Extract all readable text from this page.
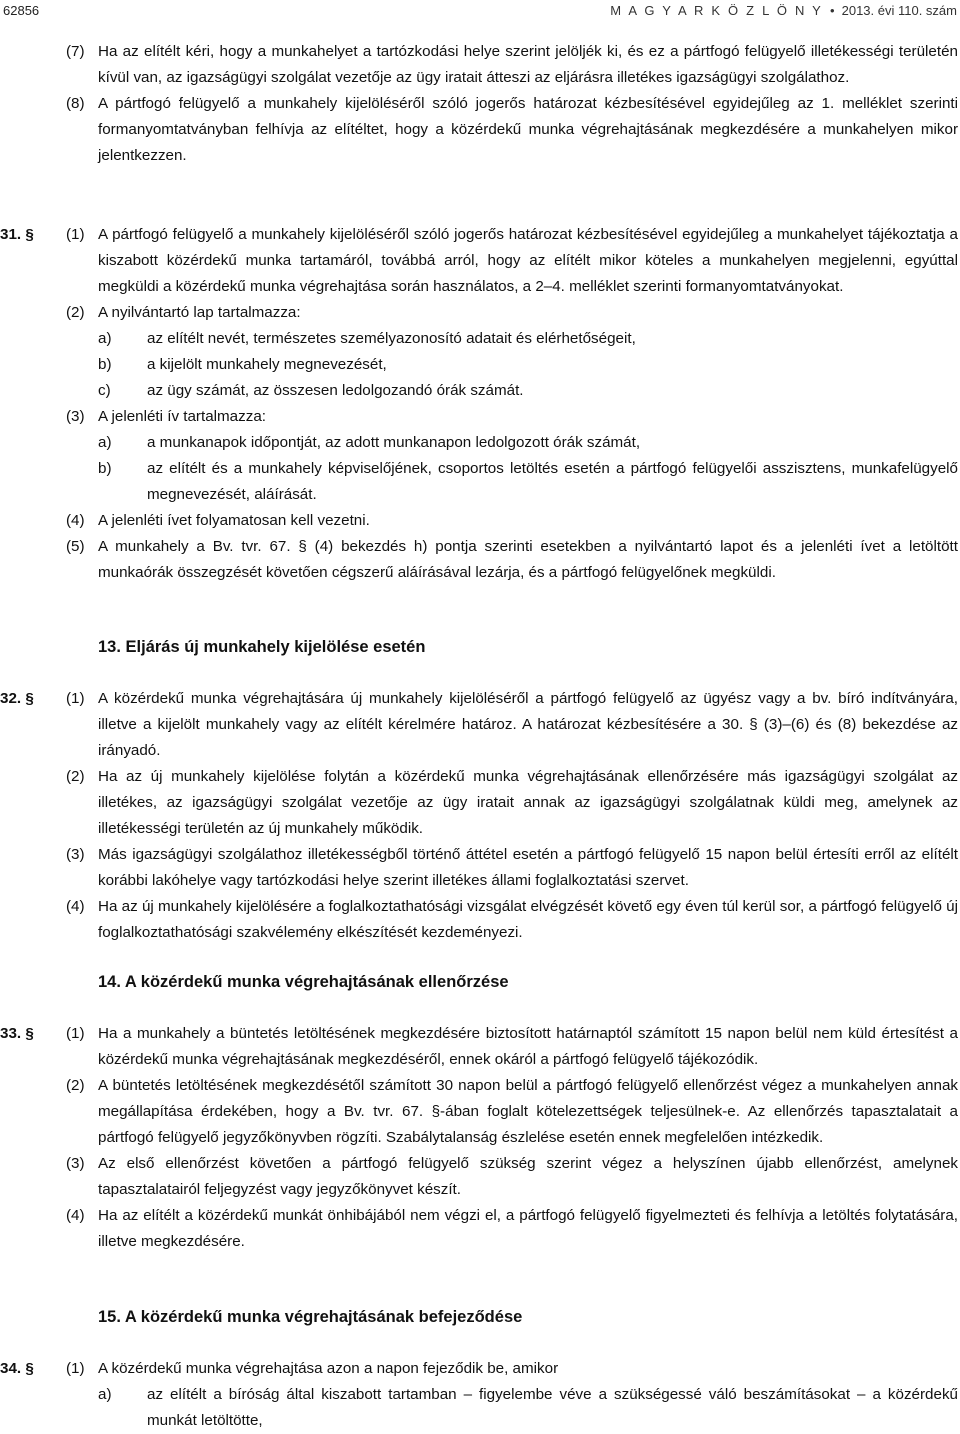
62856	M A G Y A R K Ö Z L Ö N Y • 2013. évi 110. szám
(7) Ha az elítélt kéri, hogy a munkahelyet a tartózkodási helye szerint jelöljék ki, és ez a pártfogó felügyelő illetékességi területén kívül van, az igazságügyi szolgálat vezetője az ügy iratait átteszi az eljárásra illetékes igazságügyi szolgálathoz.

(8) A pártfogó felügyelő a munkahely kijelöléséről szóló jogerős határozat kézbesítésével egyidejűleg az 1. melléklet szerinti formanyomtatványban felhívja az elítéltet, hogy a közérdekű munka végrehajtásának megkezdésére a munkahelyen mikor jelentkezzen.

31. § (1) A pártfogó felügyelő a munkahely kijelöléséről szóló jogerős határozat kézbesítésével egyidejűleg a munkahelyet tájékoztatja a kiszabott közérdekű munka tartamáról, továbbá arról, hogy az elítélt mikor köteles a munkahelyen megjelenni, egyúttal megküldi a közérdekű munka végrehajtása során használatos, a 2–4. melléklet szerinti formanyomtatványokat.

(2) A nyilvántartó lap tartalmazza:

a) az elítélt nevét, természetes személyazonosító adatait és elérhetőségeit,

b) a kijelölt munkahely megnevezését,

c) az ügy számát, az összesen ledolgozandó órák számát.

(3) A jelenléti ív tartalmazza:

a) a munkanapok időpontját, az adott munkanapon ledolgozott órák számát,

b) az elítélt és a munkahely képviselőjének, csoportos letöltés esetén a pártfogó felügyelői asszisztens, munkafelügyelő megnevezését, aláírását.

(4) A jelenléti ívet folyamatosan kell vezetni.

(5) A munkahely a Bv. tvr. 67. § (4) bekezdés h) pontja szerinti esetekben a nyilvántartó lapot és a jelenléti ívet a letöltött munkaórák összegzését követően cégszerű aláírásával lezárja, és a pártfogó felügyelőnek megküldi.

13. Eljárás új munkahely kijelölése esetén
32. § (1) A közérdekű munka végrehajtására új munkahely kijelöléséről a pártfogó felügyelő az ügyész vagy a bv. bíró indítványára, illetve a kijelölt munkahely vagy az elítélt kérelmére határoz. A határozat kézbesítésére a 30. § (3)–(6) és (8) bekezdése az irányadó.

(2) Ha az új munkahely kijelölése folytán a közérdekű munka végrehajtásának ellenőrzésére más igazságügyi szolgálat az illetékes, az igazságügyi szolgálat vezetője az ügy iratait annak az igazságügyi szolgálatnak küldi meg, amelynek az illetékességi területén az új munkahely működik.

(3) Más igazságügyi szolgálathoz illetékességből történő áttétel esetén a pártfogó felügyelő 15 napon belül értesíti erről az elítélt korábbi lakóhelye vagy tartózkodási helye szerint illetékes állami foglalkoztatási szervet.

(4) Ha az új munkahely kijelölésére a foglalkoztathatósági vizsgálat elvégzését követő egy éven túl kerül sor, a pártfogó felügyelő új foglalkoztathatósági szakvélemény elkészítését kezdeményezi.

14. A közérdekű munka végrehajtásának ellenőrzése
33. § (1) Ha a munkahely a büntetés letöltésének megkezdésére biztosított határnaptól számított 15 napon belül nem küld értesítést a közérdekű munka végrehajtásának megkezdéséről, ennek okáról a pártfogó felügyelő tájékozódik.

(2) A büntetés letöltésének megkezdésétől számított 30 napon belül a pártfogó felügyelő ellenőrzést végez a munkahelyen annak megállapítása érdekében, hogy a Bv. tvr. 67. §-ában foglalt kötelezettségek teljesülnek-e. Az ellenőrzés tapasztalatait a pártfogó felügyelő jegyzőkönyvben rögzíti. Szabálytalanság észlelése esetén ennek megfelelően intézkedik.

(3) Az első ellenőrzést követően a pártfogó felügyelő szükség szerint végez a helyszínen újabb ellenőrzést, amelynek tapasztalatairól feljegyzést vagy jegyzőkönyvet készít.

(4) Ha az elítélt a közérdekű munkát önhibájából nem végzi el, a pártfogó felügyelő figyelmezteti és felhívja a letöltés folytatására, illetve megkezdésére.

15. A közérdekű munka végrehajtásának befejeződése
34. § (1) A közérdekű munka végrehajtása azon a napon fejeződik be, amikor

a) az elítélt a bíróság által kiszabott tartamban – figyelembe véve a szükségessé váló beszámításokat – a közérdekű munkát letöltötte,
